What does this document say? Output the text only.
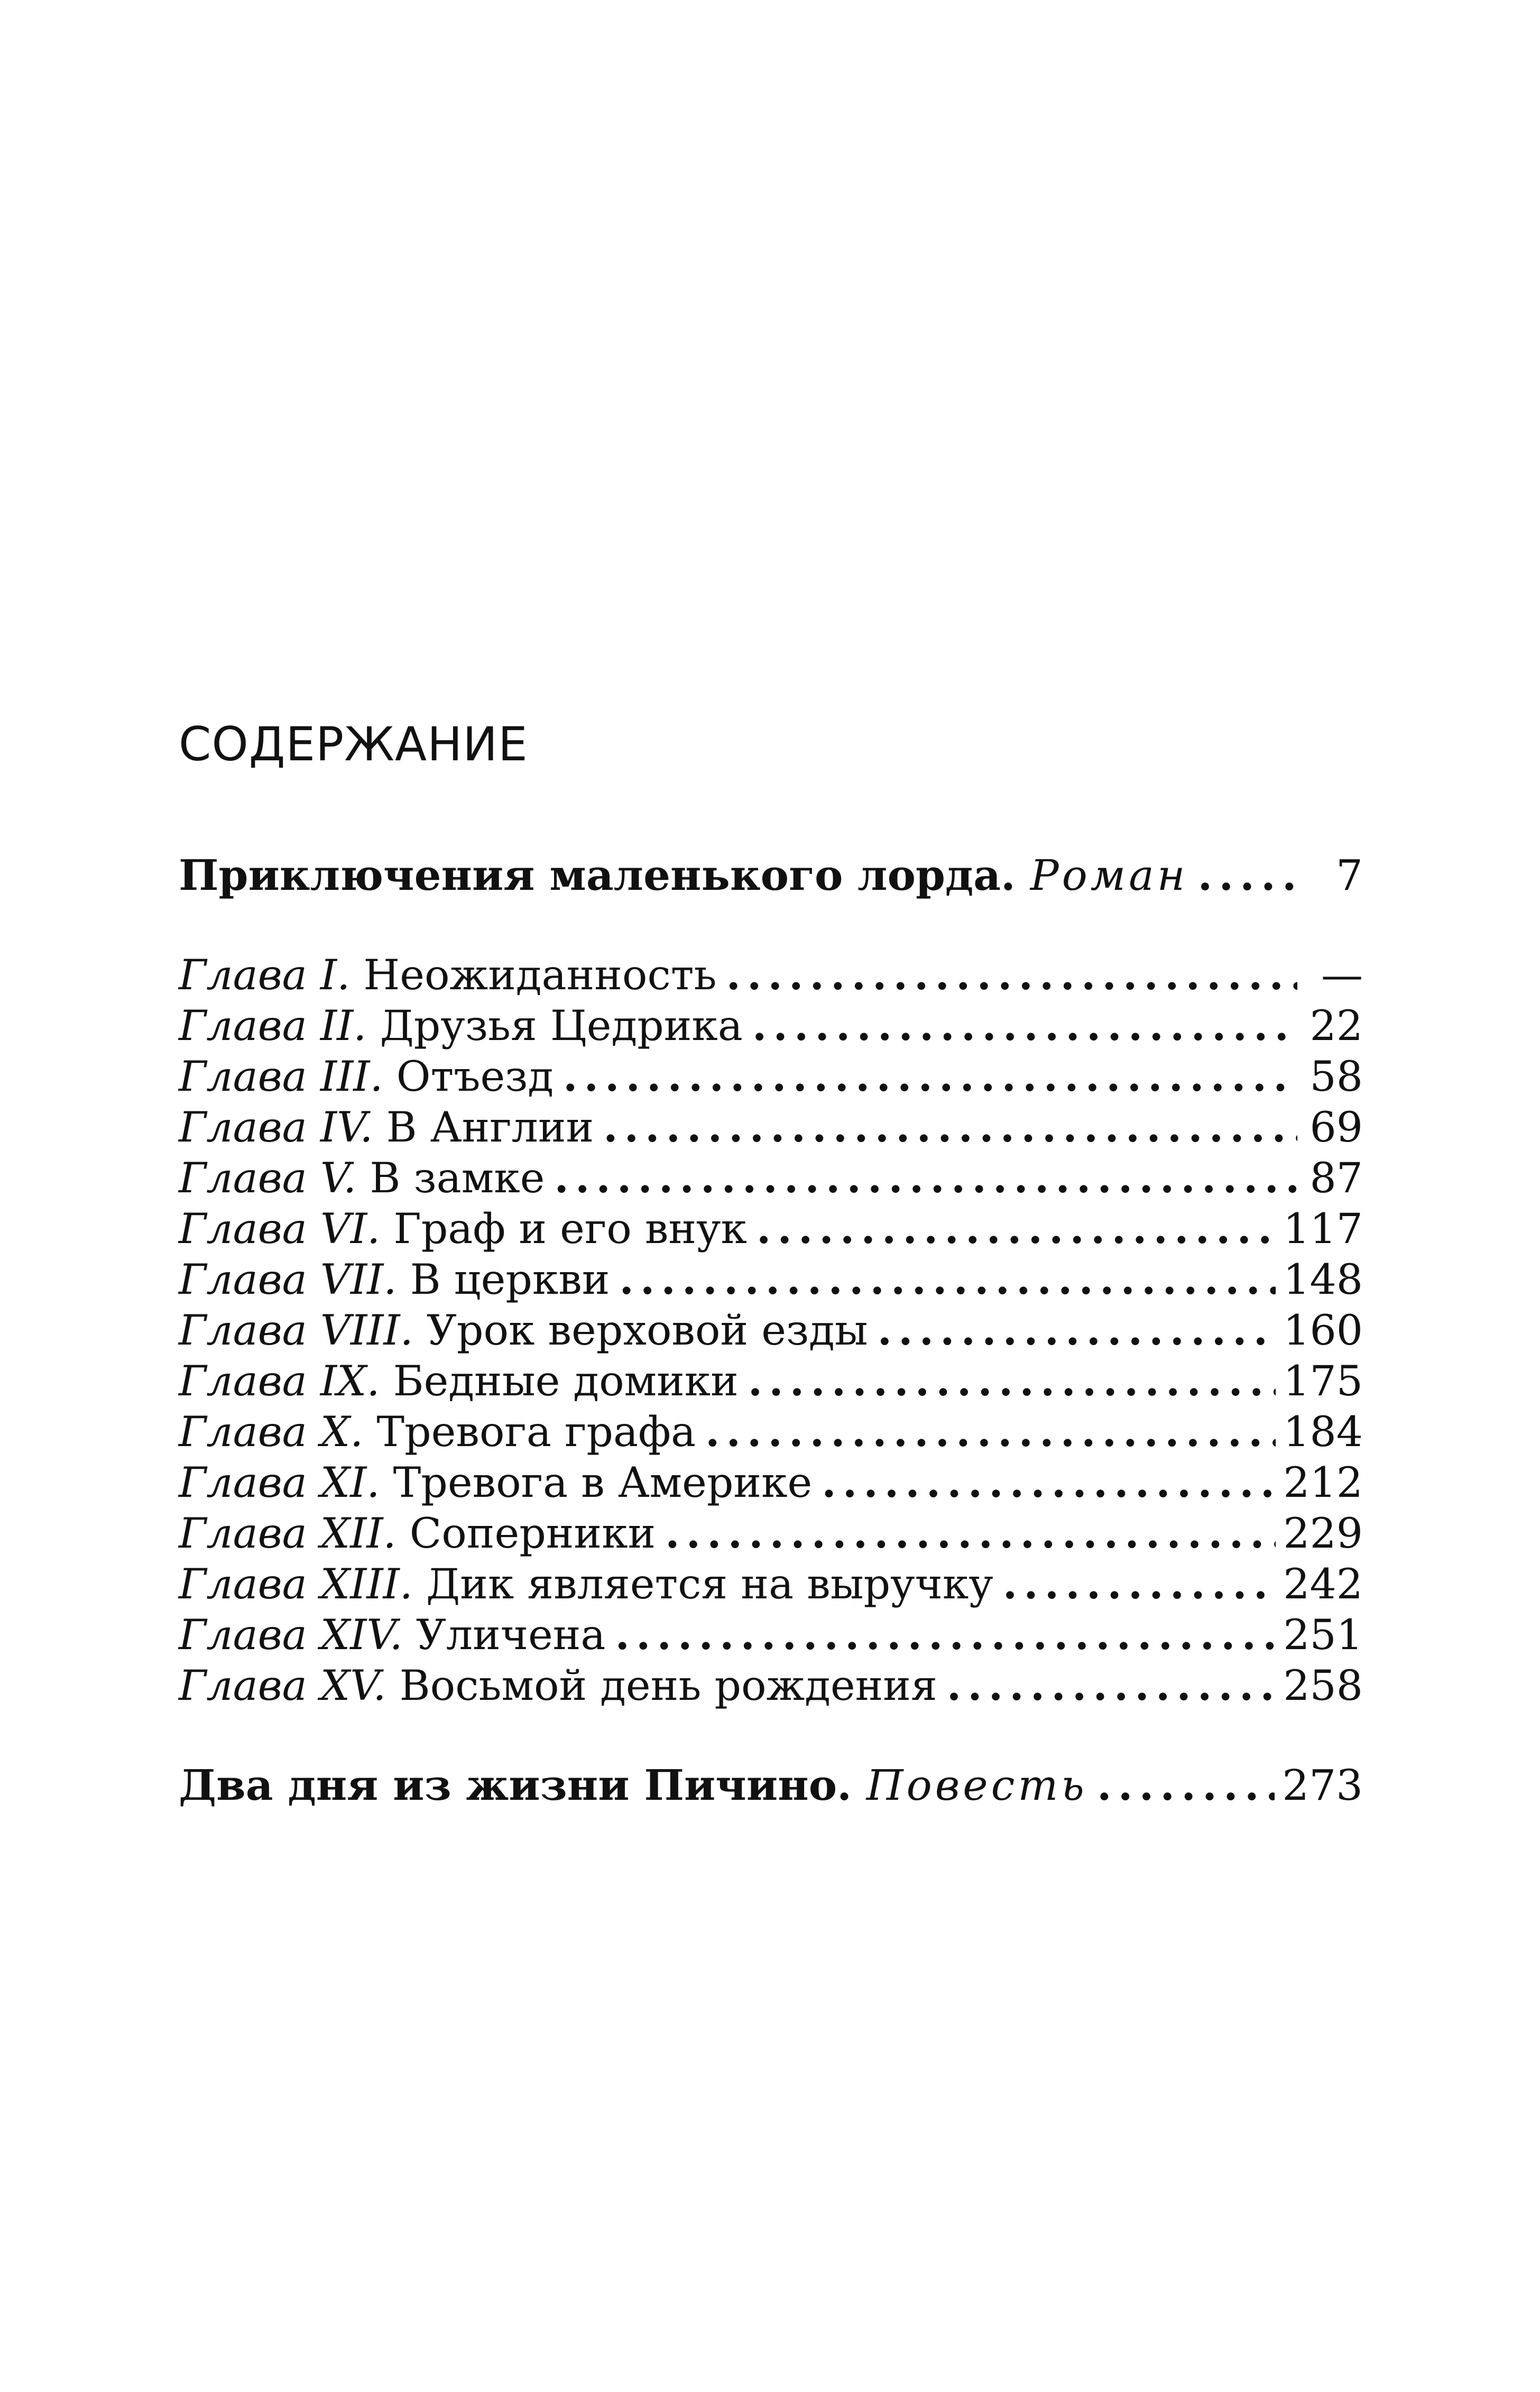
СОДЕРЖАНИЕ
Приключения маленького лорда. Роман .....	7
Глава I. Неожиданность .....	—
Глава II. Друзья Цедрика .....	22
Глава III. Отъезд .....	58
Глава IV. В Англии .....	69
Глава V. В замке .....	87
Глава VI. Граф и его внук .....	117
Глава VII. В церкви .....	148
Глава VIII. Урок верховой езды .....	160
Глава IX. Бедные домики .....	175
Глава X. Тревога графа .....	184
Глава XI. Тревога в Америке .....	212
Глава XII. Соперники .....	229
Глава XIII. Дик является на выручку .....	242
Глава XIV. Уличена .....	251
Глава XV. Восьмой день рождения .....	258
Два дня из жизни Пичино. Повесть .....	273
